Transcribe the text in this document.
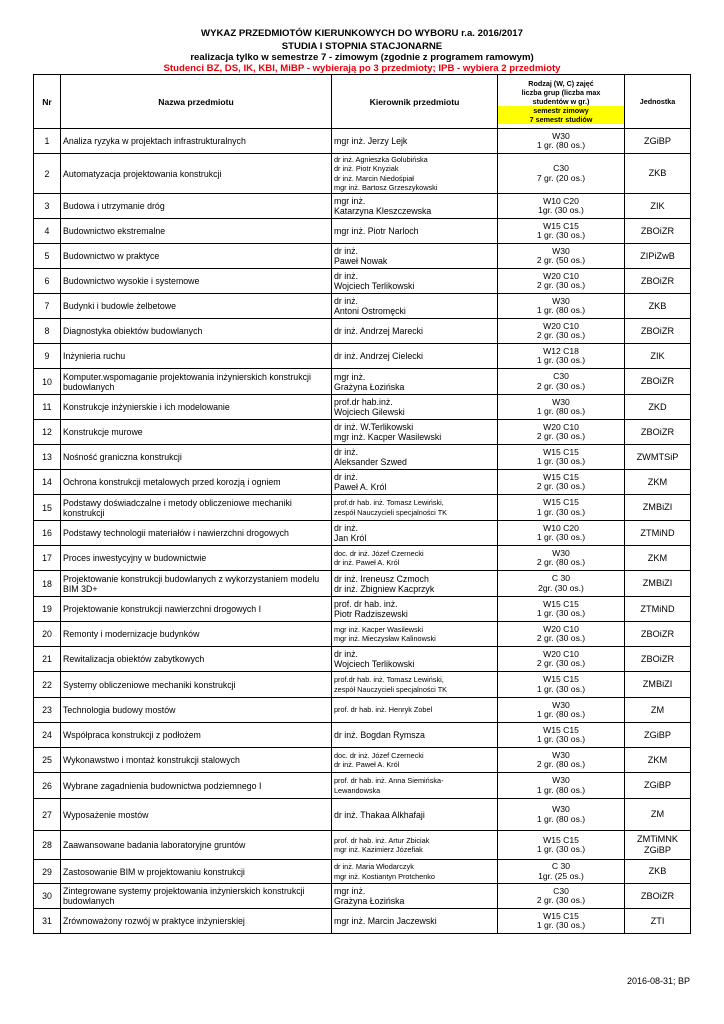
WYKAZ PRZEDMIOTÓW KIERUNKOWYCH DO WYBORU r.a. 2016/2017
STUDIA I STOPNIA STACJONARNE
realizacja tylko w semestrze 7 - zimowym (zgodnie z programem ramowym)
Studenci BZ, DS, IK, KBI, MiBP - wybierają po 3 przedmioty; IPB - wybiera 2 przedmioty
Nr	Nazwa przedmiotu	Kierownik przedmiotu	Rodzaj (W, C) zajęć
liczba grup (liczba max
studentów w gr.)
semestr zimowy
7 semestr studiów	Jednostka
1	Analiza ryzyka w projektach infrastrukturalnych	mgr inż. Jerzy Lejk	W30
1 gr. (80 os.)	ZGiBP

2	Automatyzacja projektowania konstrukcji	dr inż. Agnieszka Golubińska
dr inż. Piotr Knyziak
dr inż. Marcin Niedośpiał
mgr inż. Bartosz Grzeszykowski	C30
7 gr. (20 os.)	ZKB

3	Budowa i utrzymanie dróg	mgr inż.
Katarzyna Kleszczewska	W10 C20
1gr. (30 os.)	ZIK

4	Budownictwo ekstremalne	mgr inż. Piotr Narloch	W15 C15
1 gr. (30 os.)	ZBOiZR

5	Budownictwo w praktyce	dr inż.
Paweł Nowak	W30
2 gr. (50 os.)	ZIPiZwB

6	Budownictwo wysokie i systemowe	dr inż.
Wojciech Terlikowski	W20 C10
2 gr. (30 os.)	ZBOiZR

7	Budynki i budowle żelbetowe	dr inż.
Antoni Ostromęcki	W30
1 gr. (80 os.)	ZKB

8	Diagnostyka obiektów budowlanych	dr inż. Andrzej Marecki	W20 C10
2 gr. (30 os.)	ZBOiZR

9	Inżynieria ruchu	dr inż. Andrzej Cielecki	W12 C18
1 gr. (30 os.)	ZIK

10	Komputer.wspomaganie projektowania inżynierskich konstrukcji budowlanych	mgr inż.
Grażyna Łozińska	C30
2 gr. (30 os.)	ZBOiZR

11	Konstrukcje inżynierskie i ich modelowanie	prof.dr hab.inż.
Wojciech Gilewski	W30
1 gr. (80 os.)	ZKD

12	Konstrukcje murowe	dr inż. W.Terlikowski
mgr inż. Kacper Wasilewski	W20 C10
2 gr. (30 os.)	ZBOiZR

13	Nośność graniczna konstrukcji	dr inż.
Aleksander Szwed	W15 C15
1 gr. (30 os.)	ZWMTSiP

14	Ochrona konstrukcji metalowych przed korozją i ogniem	dr inż.
Paweł A. Król	W15 C15
2 gr. (30 os.)	ZKM

15	Podstawy doświadczalne i metody obliczeniowe mechaniki konstrukcji	prof.dr hab. inż. Tomasz Lewiński,
zespół Nauczycieli specjalności TK	W15 C15
1 gr. (30 os.)	ZMBiZI

16	Podstawy technologii materiałów i nawierzchni drogowych	dr inż.
Jan Król	W10 C20
1 gr. (30 os.)	ZTMiND

17	Proces inwestycyjny w budownictwie	doc. dr inż. Józef Czernecki
dr inż. Paweł A. Król	W30
2 gr. (80 os.)	ZKM

18	Projektowanie konstrukcji budowlanych z wykorzystaniem modelu BIM 3D+	dr inż. Ireneusz Czmoch
dr inż. Zbigniew Kacprzyk	C 30
2gr. (30 os.)	ZMBiZI

19	Projektowanie konstrukcji nawierzchni drogowych I	prof. dr hab. inż.
Piotr Radziszewski	W15 C15
1 gr. (30 os.)	ZTMiND

20	Remonty i modernizacje budynków	mgr inż. Kacper Wasilewski
mgr inż. Mieczysław Kalinowski	W20 C10
2 gr. (30 os.)	ZBOiZR

21	Rewitalizacja obiektów zabytkowych	dr inż.
Wojciech Terlikowski	W20 C10
2 gr. (30 os.)	ZBOiZR

22	Systemy obliczeniowe mechaniki konstrukcji	prof.dr hab. inż. Tomasz Lewiński,
zespół Nauczycieli specjalności TK	W15 C15
1 gr. (30 os.)	ZMBiZI

23	Technologia budowy mostów	prof. dr hab. inż. Henryk Zobel	W30
1 gr. (80 os.)	ZM

24	Współpraca konstrukcji z podłożem	dr inż. Bogdan Rymsza	W15 C15
1 gr. (30 os.)	ZGiBP

25	Wykonawstwo i montaż konstrukcji stalowych	doc. dr inż. Józef Czernecki
dr inż. Paweł A. Król	W30
2 gr. (80 os.)	ZKM

26	Wybrane zagadnienia budownictwa podziemnego I	prof. dr hab. inż. Anna Siemińska-
Lewandowska	W30
1 gr. (80 os.)	ZGiBP

27	Wyposażenie mostów	dr inż. Thakaa Alkhafaji	W30
1 gr. (80 os.)	ZM

28	Zaawansowane badania laboratoryjne gruntów	prof. dr hab. inż. Artur Zbiciak
mgr inż. Kazimierz Józefiak	W15 C15
1 gr. (30 os.)	ZMTiMNK
ZGiBP

29	Zastosowanie BIM w projektowaniu konstrukcji	dr inż. Maria Włodarczyk
mgr inż. Kostiantyn Protchenko	C 30
1gr. (25 os.)	ZKB

30	Zintegrowane systemy projektowania inżynierskich konstrukcji budowlanych	mgr inż.
Grażyna Łozińska	C30
2 gr. (30 os.)	ZBOiZR

31	Zrównoważony rozwój w praktyce inżynierskiej	mgr inż. Marcin Jaczewski	W15 C15
1 gr. (30 os.)	ZTI
2016-08-31; BP
